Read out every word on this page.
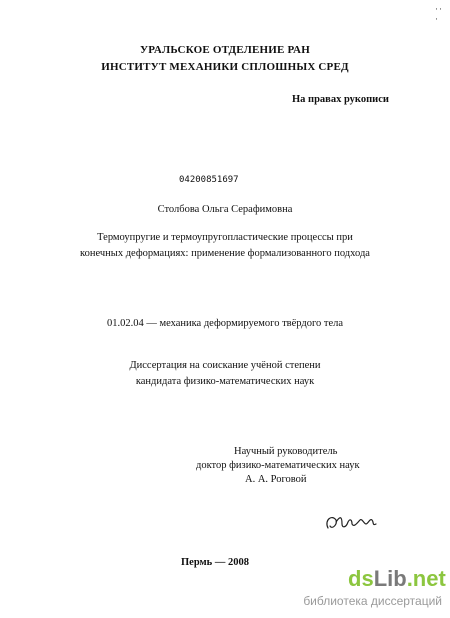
·· ·
УРАЛЬСКОЕ ОТДЕЛЕНИЕ РАН
ИНСТИТУТ МЕХАНИКИ СПЛОШНЫХ СРЕД
На правах рукописи
04200851697
Столбова Ольга Серафимовна
Термоупругие и термоупругопластические процессы при
конечных деформациях: применение формализованного подхода
01.02.04 — механика деформируемого твёрдого тела
Диссертация на соискание учёной степени
кандидата физико-математических наук
Научный руководитель
доктор физико-математических наук
А. А. Роговой
Пермь — 2008
dsLib.net
библиотека диссертаций
